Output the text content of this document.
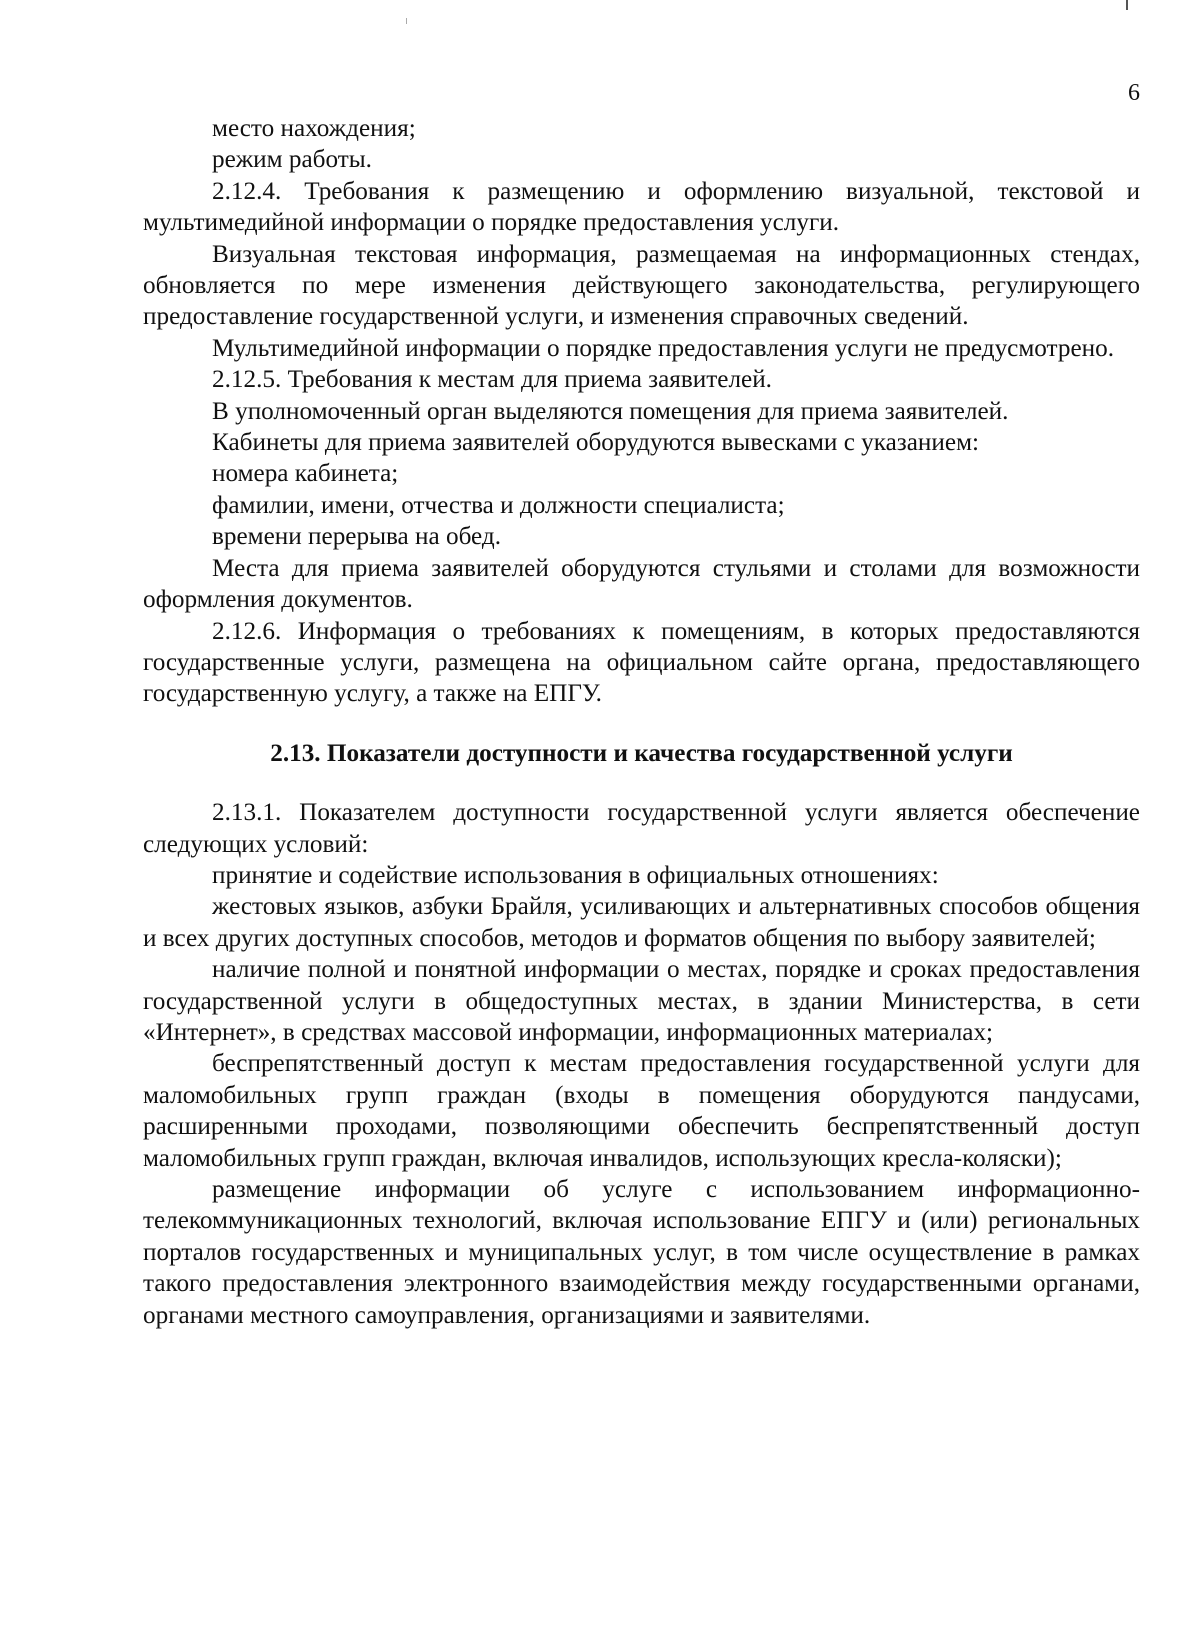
6

место нахождения;

режим работы.

2.12.4. Требования к размещению и оформлению визуальной, текстовой и мультимедийной информации о порядке предоставления услуги.

Визуальная текстовая информация, размещаемая на информационных стендах, обновляется по мере изменения действующего законодательства, регулирующего предоставление государственной услуги, и изменения справочных сведений.

Мультимедийной информации о порядке предоставления услуги не предусмотрено.

2.12.5. Требования к местам для приема заявителей.

В уполномоченный орган выделяются помещения для приема заявителей.

Кабинеты для приема заявителей оборудуются вывесками с указанием:

номера кабинета;

фамилии, имени, отчества и должности специалиста;

времени перерыва на обед.

Места для приема заявителей оборудуются стульями и столами для возможности оформления документов.

2.12.6. Информация о требованиях к помещениям, в которых предоставляются государственные услуги, размещена на официальном сайте органа, предоставляющего государственную услугу, а также на ЕПГУ.

2.13. Показатели доступности и качества государственной услуги

2.13.1. Показателем доступности государственной услуги является обеспечение следующих условий:

принятие и содействие использования в официальных отношениях:

жестовых языков, азбуки Брайля, усиливающих и альтернативных способов общения и всех других доступных способов, методов и форматов общения по выбору заявителей;

наличие полной и понятной информации о местах, порядке и сроках предоставления государственной услуги в общедоступных местах, в здании Министерства, в сети «Интернет», в средствах массовой информации, информационных материалах;

беспрепятственный доступ к местам предоставления государственной услуги для маломобильных групп граждан (входы в помещения оборудуются пандусами, расширенными проходами, позволяющими обеспечить беспрепятственный доступ маломобильных групп граждан, включая инвалидов, использующих кресла-коляски);

размещение информации об услуге с использованием информационно-телекоммуникационных технологий, включая использование ЕПГУ и (или) региональных порталов государственных и муниципальных услуг, в том числе осуществление в рамках такого предоставления электронного взаимодействия между государственными органами, органами местного самоуправления, организациями и заявителями.
